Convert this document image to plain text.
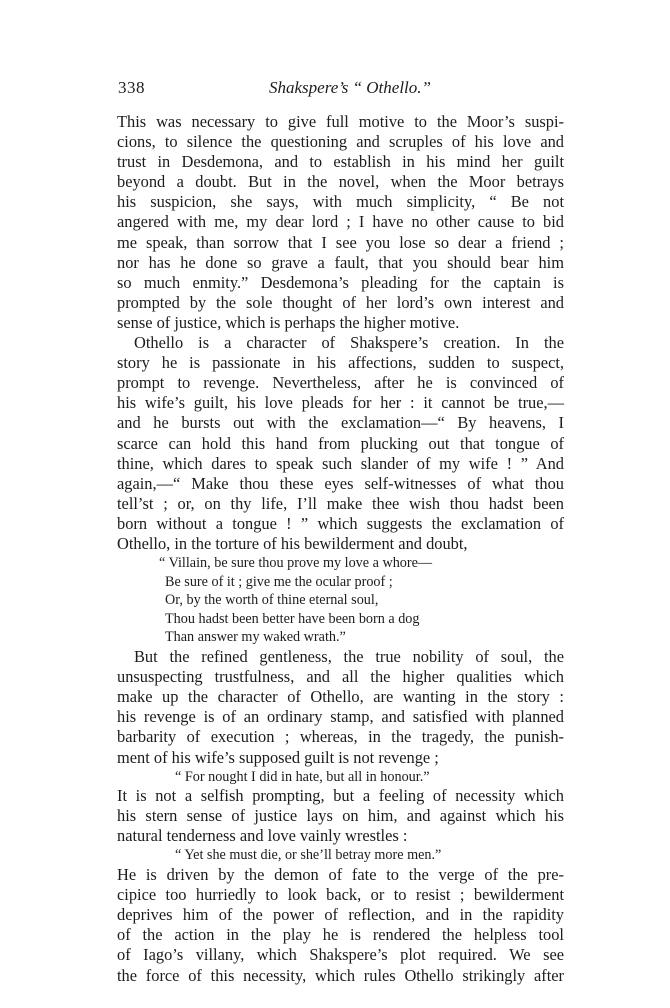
338	Shakspere’s “ Othello.”
This was necessary to give full motive to the Moor’s suspi-
cions, to silence the questioning and scruples of his love and
trust in Desdemona, and to establish in his mind her guilt
beyond a doubt. But in the novel, when the Moor betrays
his suspicion, she says, with much simplicity, “ Be not
angered with me, my dear lord ; I have no other cause to bid
me speak, than sorrow that I see you lose so dear a friend ;
nor has he done so grave a fault, that you should bear him
so much enmity.” Desdemona’s pleading for the captain is
prompted by the sole thought of her lord’s own interest and
sense of justice, which is perhaps the higher motive.
Othello is a character of Shakspere’s creation. In the
story he is passionate in his affections, sudden to suspect,
prompt to revenge. Nevertheless, after he is convinced of
his wife’s guilt, his love pleads for her : it cannot be true,—
and he bursts out with the exclamation—“ By heavens, I
scarce can hold this hand from plucking out that tongue of
thine, which dares to speak such slander of my wife ! ” And
again,—“ Make thou these eyes self-witnesses of what thou
tell’st ; or, on thy life, I’ll make thee wish thou hadst been
born without a tongue ! ” which suggests the exclamation of
Othello, in the torture of his bewilderment and doubt,
“ Villain, be sure thou prove my love a whore—
Be sure of it ; give me the ocular proof ;
Or, by the worth of thine eternal soul,
Thou hadst been better have been born a dog
Than answer my waked wrath.”
But the refined gentleness, the true nobility of soul, the
unsuspecting trustfulness, and all the higher qualities which
make up the character of Othello, are wanting in the story :
his revenge is of an ordinary stamp, and satisfied with planned
barbarity of execution ; whereas, in the tragedy, the punish-
ment of his wife’s supposed guilt is not revenge ;
“ For nought I did in hate, but all in honour.”
It is not a selfish prompting, but a feeling of necessity which
his stern sense of justice lays on him, and against which his
natural tenderness and love vainly wrestles :
“ Yet she must die, or she’ll betray more men.”
He is driven by the demon of fate to the verge of the pre-
cipice too hurriedly to look back, or to resist ; bewilderment
deprives him of the power of reflection, and in the rapidity
of the action in the play he is rendered the helpless tool
of Iago’s villany, which Shakspere’s plot required. We see
the force of this necessity, which rules Othello strikingly after
